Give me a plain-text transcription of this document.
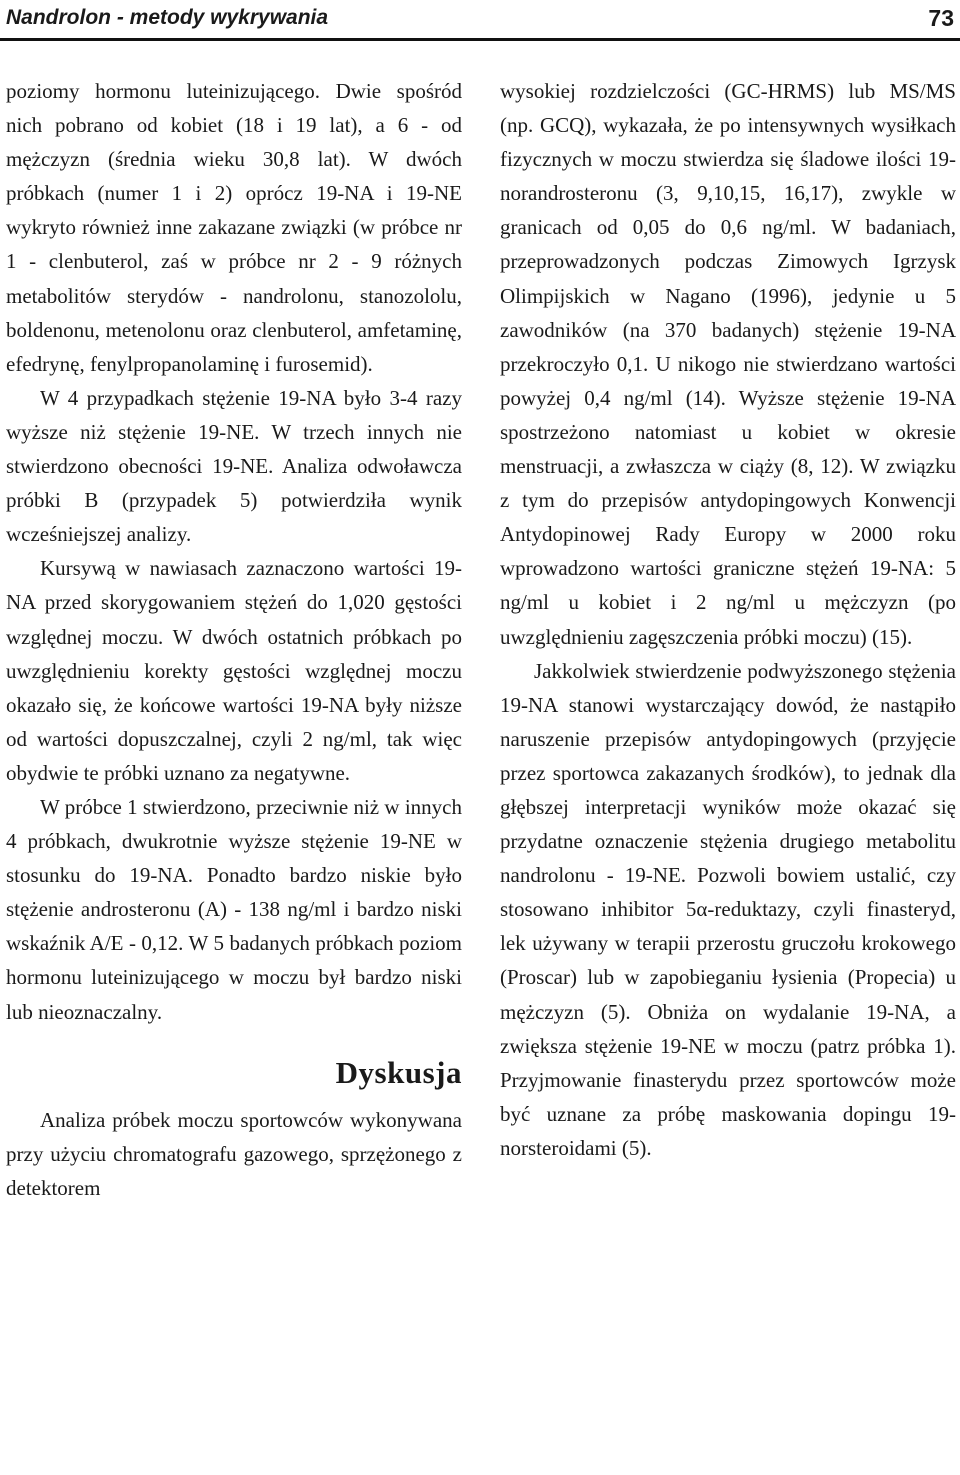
Nandrolon - metody wykrywania	73

poziomy hormonu luteinizującego. Dwie spośród nich pobrano od kobiet (18 i 19 lat), a 6 - od mężczyzn (średnia wieku 30,8 lat). W dwóch próbkach (numer 1 i 2) oprócz 19-NA i 19-NE wykryto również inne zakazane związki (w próbce nr 1 - clenbuterol, zaś w próbce nr 2 - 9 różnych metabolitów sterydów - nandrolonu, stanozololu, boldenonu, metenolonu oraz clenbuterol, amfetaminę, efedrynę, fenylpropanolaminę i furosemid).

W 4 przypadkach stężenie 19-NA było 3-4 razy wyższe niż stężenie 19-NE. W trzech innych nie stwierdzono obecności 19-NE. Analiza odwoławcza próbki B (przypadek 5) potwierdziła wynik wcześniejszej analizy.

Kursywą w nawiasach zaznaczono wartości 19-NA przed skorygowaniem stężeń do 1,020 gęstości względnej moczu. W dwóch ostatnich próbkach po uwzględnieniu korekty gęstości względnej moczu okazało się, że końcowe wartości 19-NA były niższe od wartości dopuszczalnej, czyli 2 ng/ml, tak więc obydwie te próbki uznano za negatywne.

W próbce 1 stwierdzono, przeciwnie niż w innych 4 próbkach, dwukrotnie wyższe stężenie 19-NE w stosunku do 19-NA. Ponadto bardzo niskie było stężenie androsteronu (A) - 138 ng/ml i bardzo niski wskaźnik A/E - 0,12. W 5 badanych próbkach poziom hormonu luteinizującego w moczu był bardzo niski lub nieoznaczalny.

Dyskusja

Analiza próbek moczu sportowców wykonywana przy użyciu chromatografu gazowego, sprzężonego z detektorem

wysokiej rozdzielczości (GC-HRMS) lub MS/MS (np. GCQ), wykazała, że po intensywnych wysiłkach fizycznych w moczu stwierdza się śladowe ilości 19-norandrosteronu (3, 9,10,15, 16,17), zwykle w granicach od 0,05 do 0,6 ng/ml. W badaniach, przeprowadzonych podczas Zimowych Igrzysk Olimpijskich w Nagano (1996), jedynie u 5 zawodników (na 370 badanych) stężenie 19-NA przekroczyło 0,1. U nikogo nie stwierdzano wartości powyżej 0,4 ng/ml (14). Wyższe stężenie 19-NA spostrzeżono natomiast u kobiet w okresie menstruacji, a zwłaszcza w ciąży (8, 12). W związku z tym do przepisów antydopingowych Konwencji Antydopinowej Rady Europy w 2000 roku wprowadzono wartości graniczne stężeń 19-NA: 5 ng/ml u kobiet i 2 ng/ml u mężczyzn (po uwzględnieniu zagęszczenia próbki moczu) (15).

Jakkolwiek stwierdzenie podwyższonego stężenia 19-NA stanowi wystarczający dowód, że nastąpiło naruszenie przepisów antydopingowych (przyjęcie przez sportowca zakazanych środków), to jednak dla głębszej interpretacji wyników może okazać się przydatne oznaczenie stężenia drugiego metabolitu nandrolonu - 19-NE. Pozwoli bowiem ustalić, czy stosowano inhibitor 5α-reduktazy, czyli finasteryd, lek używany w terapii przerostu gruczołu krokowego (Proscar) lub w zapobieganiu łysienia (Propecia) u mężczyzn (5). Obniża on wydalanie 19-NA, a zwiększa stężenie 19-NE w moczu (patrz próbka 1). Przyjmowanie finasterydu przez sportowców może być uznane za próbę maskowania dopingu 19-norsteroidami (5).
